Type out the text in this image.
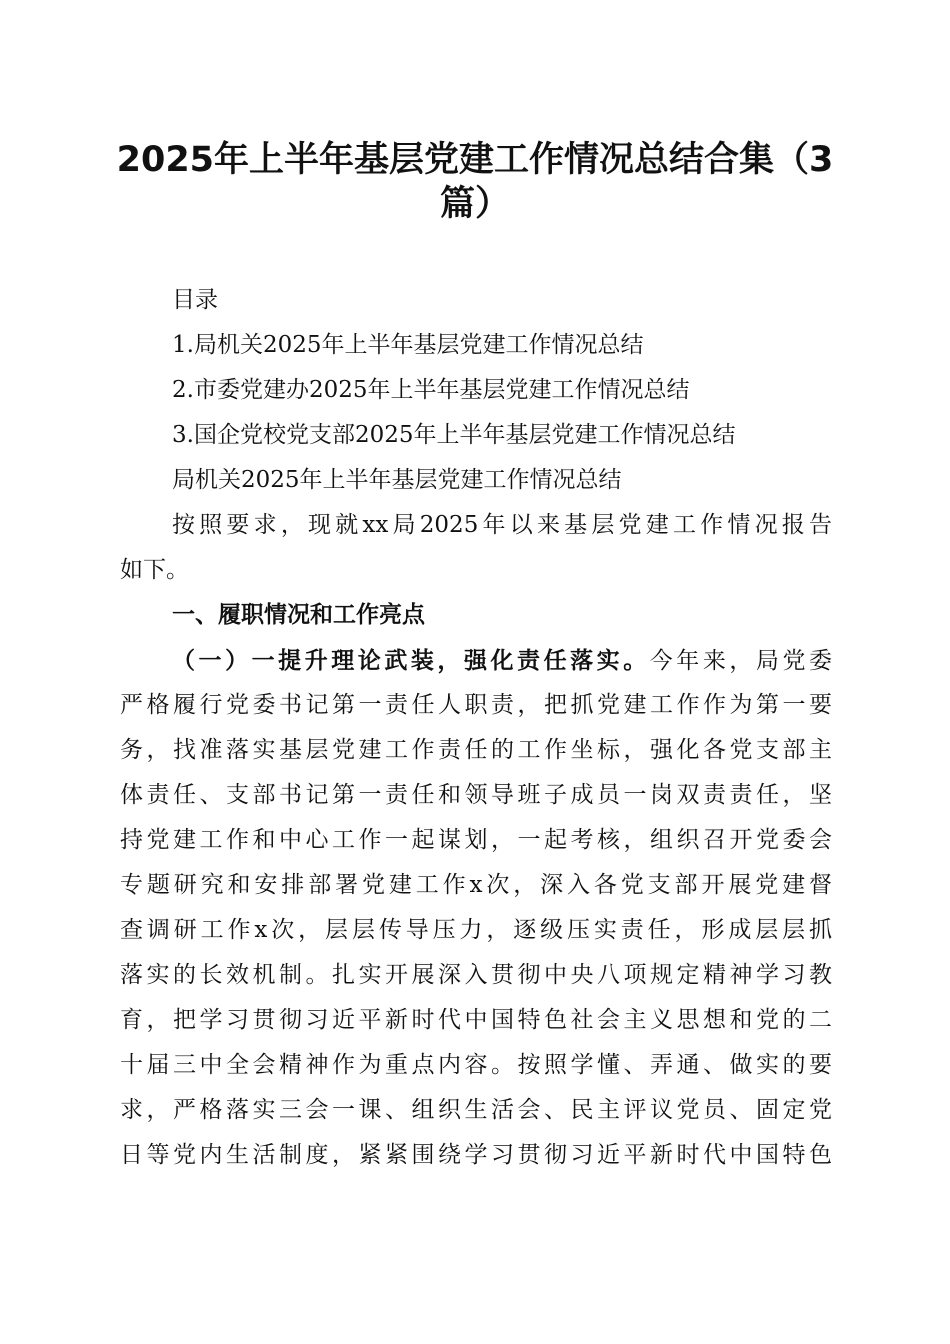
2025年上半年基层党建工作情况总结合集（3
篇）
目录
1.局机关2025年上半年基层党建工作情况总结
2.市委党建办2025年上半年基层党建工作情况总结
3.国企党校党支部2025年上半年基层党建工作情况总结
局机关2025年上半年基层党建工作情况总结
按照要求，现就xx局2025年以来基层党建工作情况报告
如下。
一、履职情况和工作亮点
（一）一提升理论武装，强化责任落实。今年来，局党委
严格履行党委书记第一责任人职责，把抓党建工作作为第一要
务，找准落实基层党建工作责任的工作坐标，强化各党支部主
体责任、支部书记第一责任和领导班子成员一岗双责责任，坚
持党建工作和中心工作一起谋划，一起考核，组织召开党委会
专题研究和安排部署党建工作x次，深入各党支部开展党建督
查调研工作x次，层层传导压力，逐级压实责任，形成层层抓
落实的长效机制。扎实开展深入贯彻中央八项规定精神学习教
育，把学习贯彻习近平新时代中国特色社会主义思想和党的二
十届三中全会精神作为重点内容。按照学懂、弄通、做实的要
求，严格落实三会一课、组织生活会、民主评议党员、固定党
日等党内生活制度，紧紧围绕学习贯彻习近平新时代中国特色
